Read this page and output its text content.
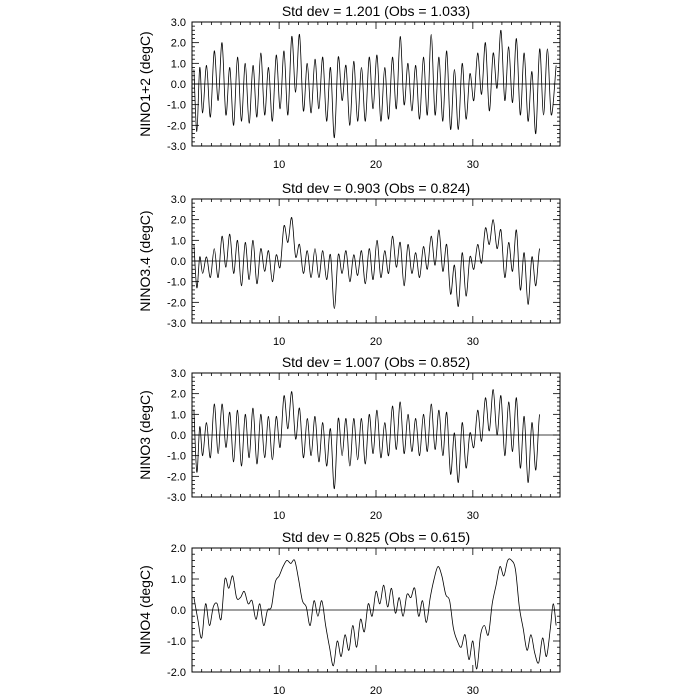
Std dev = 1.201 (Obs = 1.033)
NINO1+2 (degC)
-3.0
-2.0
-1.0
0.0
1.0
2.0
3.0
10	20	30
Std dev = 0.903 (Obs = 0.824)
NINO3.4 (degC)
-3.0
-2.0
-1.0
0.0
1.0
2.0
3.0
10	20	30
Std dev = 1.007 (Obs = 0.852)
NINO3 (degC)
-3.0
-2.0
-1.0
0.0
1.0
2.0
3.0
10	20	30
Std dev = 0.825 (Obs = 0.615)
NINO4 (degC)
-2.0
-1.0
0.0
1.0
2.0
10	20	30
